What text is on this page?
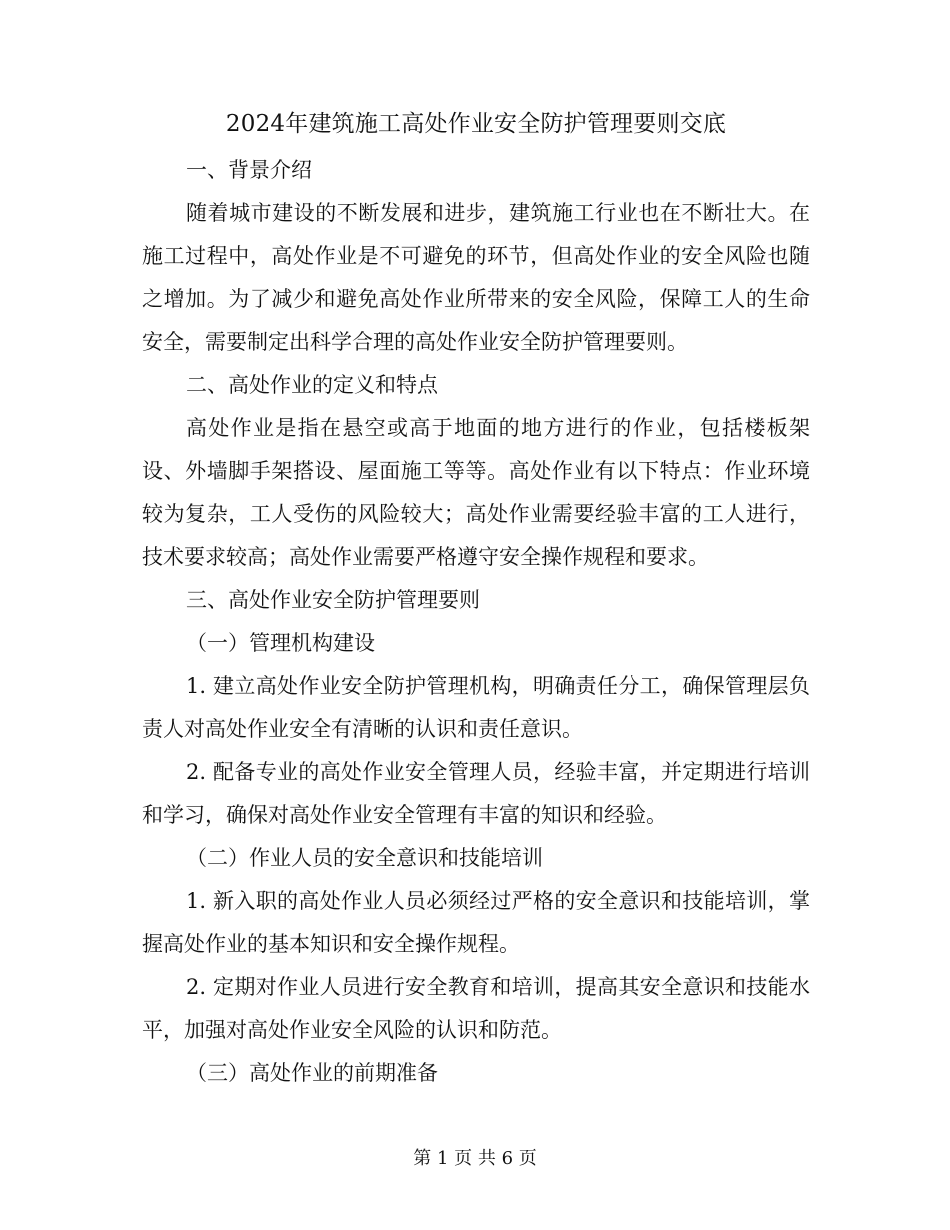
2024年建筑施工高处作业安全防护管理要则交底

一、背景介绍

随着城市建设的不断发展和进步，建筑施工行业也在不断壮大。在施工过程中，高处作业是不可避免的环节，但高处作业的安全风险也随之增加。为了减少和避免高处作业所带来的安全风险，保障工人的生命安全，需要制定出科学合理的高处作业安全防护管理要则。

二、高处作业的定义和特点

高处作业是指在悬空或高于地面的地方进行的作业，包括楼板架设、外墙脚手架搭设、屋面施工等等。高处作业有以下特点：作业环境较为复杂，工人受伤的风险较大；高处作业需要经验丰富的工人进行，技术要求较高；高处作业需要严格遵守安全操作规程和要求。

三、高处作业安全防护管理要则

（一）管理机构建设

1. 建立高处作业安全防护管理机构，明确责任分工，确保管理层负责人对高处作业安全有清晰的认识和责任意识。

2. 配备专业的高处作业安全管理人员，经验丰富，并定期进行培训和学习，确保对高处作业安全管理有丰富的知识和经验。

（二）作业人员的安全意识和技能培训

1. 新入职的高处作业人员必须经过严格的安全意识和技能培训，掌握高处作业的基本知识和安全操作规程。

2. 定期对作业人员进行安全教育和培训，提高其安全意识和技能水平，加强对高处作业安全风险的认识和防范。

（三）高处作业的前期准备

第 1 页 共 6 页
